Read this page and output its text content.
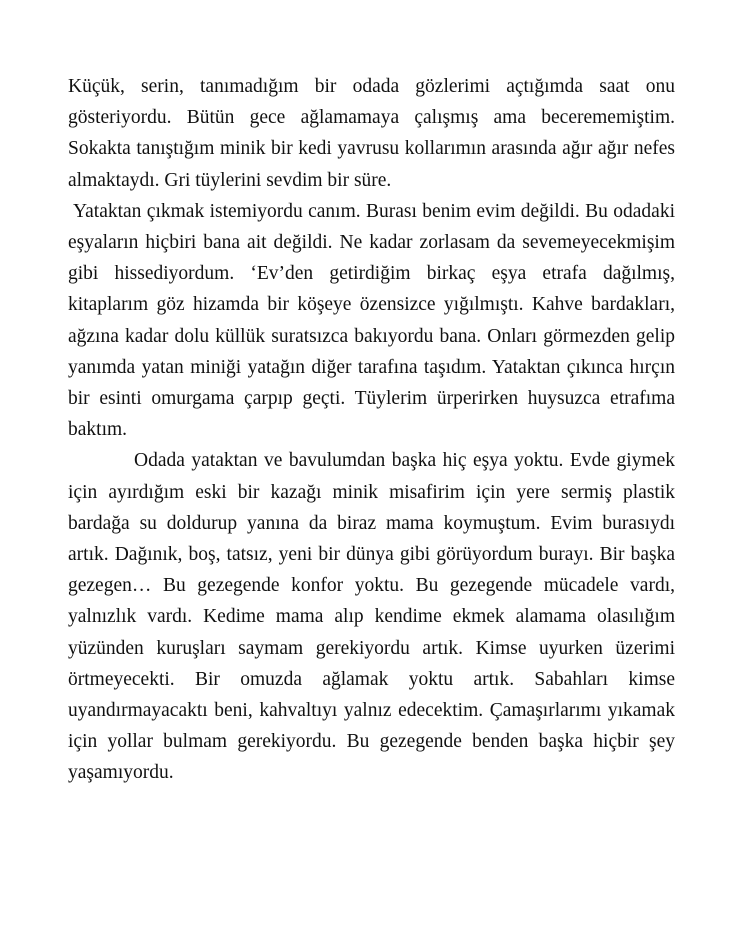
Küçük, serin, tanımadığım bir odada gözlerimi açtığımda saat onu gösteriyordu. Bütün gece ağlamamaya çalışmış ama becerememiştim. Sokakta tanıştığım minik bir kedi yavrusu kollarımın arasında ağır ağır nefes almaktaydı. Gri tüylerini sevdim bir süre.

Yataktan çıkmak istemiyordu canım. Burası benim evim değildi. Bu odadaki eşyaların hiçbiri bana ait değildi. Ne kadar zorlasam da sevemeyecekmişim gibi hissediyordum. ‘Ev’den getirdiğim birkaç eşya etrafa dağılmış, kitaplarım göz hizamda bir köşeye özensizce yığılmıştı. Kahve bardakları, ağzına kadar dolu küllük suratsızca bakıyordu bana. Onları görmezden gelip yanımda yatan miniği yatağın diğer tarafına taşıdım. Yataktan çıkınca hırçın bir esinti omurgama çarpıp geçti. Tüylerim ürperirken huysuzca etrafıma baktım.

Odada yataktan ve bavulumdan başka hiç eşya yoktu. Evde giymek için ayırdığım eski bir kazağı minik misafirim için yere sermiş plastik bardağa su doldurup yanına da biraz mama koymuştum. Evim burasıydı artık. Dağınık, boş, tatsız, yeni bir dünya gibi görüyordum burayı. Bir başka gezegen… Bu gezegende konfor yoktu. Bu gezegende mücadele vardı, yalnızlık vardı. Kedime mama alıp kendime ekmek alamama olasılığım yüzünden kuruşları saymam gerekiyordu artık. Kimse uyurken üzerimi örtmeyecekti. Bir omuzda ağlamak yoktu artık. Sabahları kimse uyandırmayacaktı beni, kahvaltıyı yalnız edecektim. Çamaşırlarımı yıkamak için yollar bulmam gerekiyordu. Bu gezegende benden başka hiçbir şey yaşamıyordu.
